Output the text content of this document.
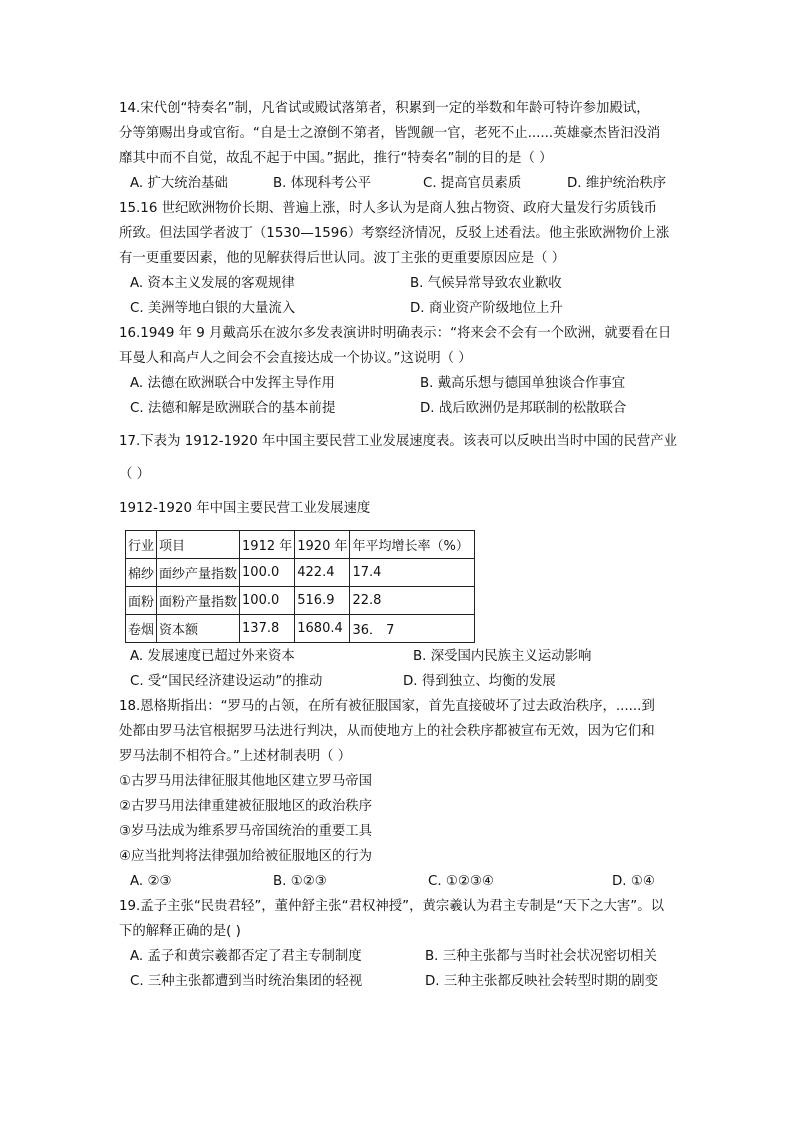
14.宋代创“特奏名”制，凡省试或殿试落第者，积累到一定的举数和年龄可特许参加殿试，
分等第赐出身或官衔。“自是士之潦倒不第者，皆觊觎一官，老死不止......英雄豪杰皆汩没消
靡其中而不自觉，故乱不起于中国。”据此，推行“特奏名”制的目的是（ ）
A. 扩大统治基础	B. 体现科考公平	C. 提高官员素质	D. 维护统治秩序
15.16 世纪欧洲物价长期、普遍上涨，时人多认为是商人独占物资、政府大量发行劣质钱币
所致。但法国学者波丁（1530—1596）考察经济情况，反驳上述看法。他主张欧洲物价上涨
有一更重要因素，他的见解获得后世认同。波丁主张的更重要原因应是（ ）
A. 资本主义发展的客观规律	B. 气候异常导致农业歉收
C. 美洲等地白银的大量流入	D. 商业资产阶级地位上升
16.1949 年 9 月戴高乐在波尔多发表演讲时明确表示：“将来会不会有一个欧洲，就要看在日
耳曼人和高卢人之间会不会直接达成一个协议。”这说明（ ）
A. 法德在欧洲联合中发挥主导作用	B. 戴高乐想与德国单独谈合作事宜
C. 法德和解是欧洲联合的基本前提	D. 战后欧洲仍是邦联制的松散联合
17.下表为 1912-1920 年中国主要民营工业发展速度表。该表可以反映出当时中国的民营产业
（ ）
1912-1920 年中国主要民营工业发展速度
行业	项目	1912 年	1920 年	年平均增长率（%）
棉纱	面纱产量指数	100.0	422.4	17.4
面粉	面粉产量指数	100.0	516.9	22.8
卷烟	资本额	137.8	1680.4	36． 7
A. 发展速度已超过外来资本	B. 深受国内民族主义运动影响
C. 受“国民经济建设运动”的推动	D. 得到独立、均衡的发展
18.恩格斯指出：“罗马的占领，在所有被征服国家，首先直接破坏了过去政治秩序，......到
处都由罗马法官根据罗马法进行判决，从而使地方上的社会秩序都被宣布无效，因为它们和
罗马法制不相符合。”上述材制表明（ ）
①古罗马用法律征服其他地区建立罗马帝国
②古罗马用法律重建被征服地区的政治秩序
③岁马法成为维系罗马帝国统治的重要工具
④应当批判将法律强加给被征服地区的行为
A. ②③	B. ①②③	C. ①②③④	D. ①④
19.孟子主张“民贵君轻”，董仲舒主张“君权神授”，黄宗羲认为君主专制是“天下之大害”。以
下的解释正确的是( )
A. 孟子和黄宗羲都否定了君主专制制度	B. 三种主张都与当时社会状况密切相关
C. 三种主张都遭到当时统治集团的轻视	D. 三种主张都反映社会转型时期的剧变
